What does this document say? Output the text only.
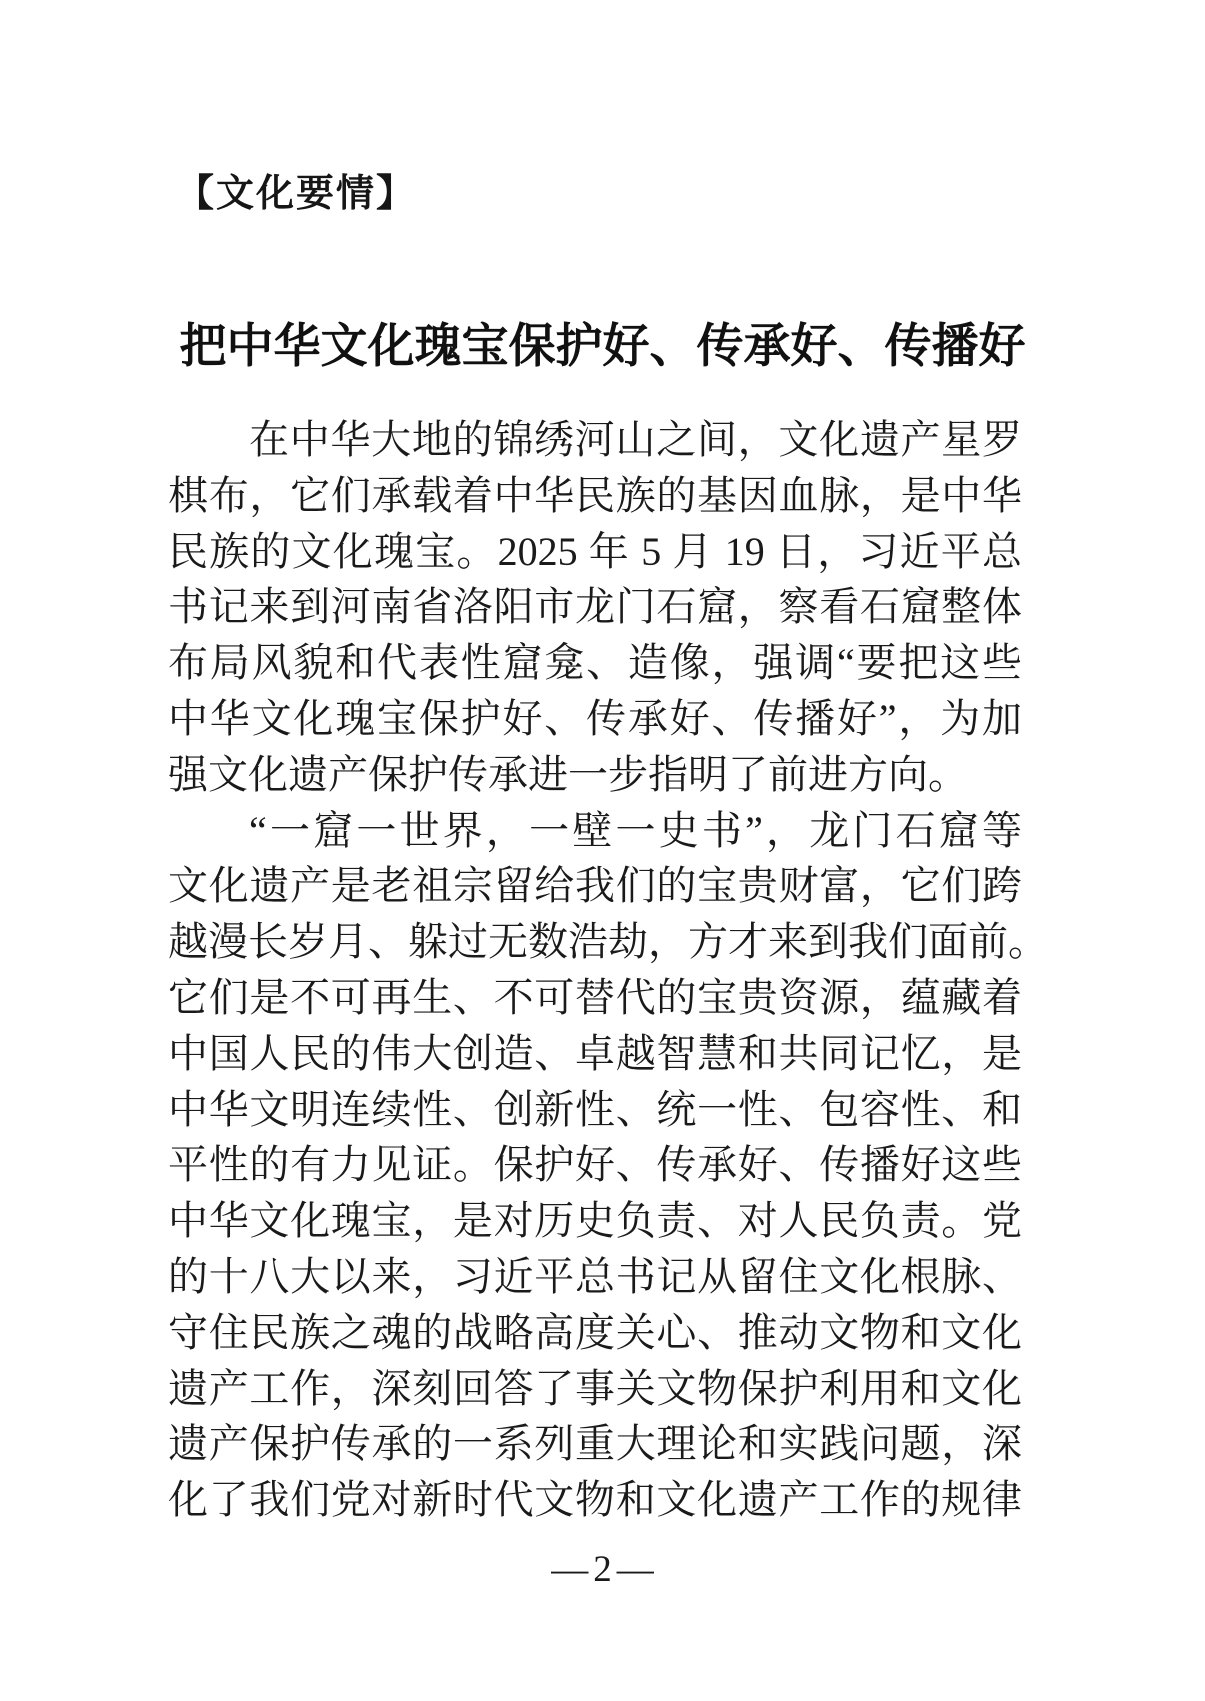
【文化要情】
把中华文化瑰宝保护好、传承好、传播好
在中华大地的锦绣河山之间，文化遗产星罗
棋布，它们承载着中华民族的基因血脉，是中华
民族的文化瑰宝。2025 年 5 月 19 日，习近平总
书记来到河南省洛阳市龙门石窟，察看石窟整体
布局风貌和代表性窟龛、造像，强调“要把这些
中华文化瑰宝保护好、传承好、传播好”，为加
强文化遗产保护传承进一步指明了前进方向。
“一窟一世界，一壁一史书”，龙门石窟等
文化遗产是老祖宗留给我们的宝贵财富，它们跨
越漫长岁月、躲过无数浩劫，方才来到我们面前。
它们是不可再生、不可替代的宝贵资源，蕴藏着
中国人民的伟大创造、卓越智慧和共同记忆，是
中华文明连续性、创新性、统一性、包容性、和
平性的有力见证。保护好、传承好、传播好这些
中华文化瑰宝，是对历史负责、对人民负责。党
的十八大以来，习近平总书记从留住文化根脉、
守住民族之魂的战略高度关心、推动文物和文化
遗产工作，深刻回答了事关文物保护利用和文化
遗产保护传承的一系列重大理论和实践问题，深
化了我们党对新时代文物和文化遗产工作的规律
—2—
